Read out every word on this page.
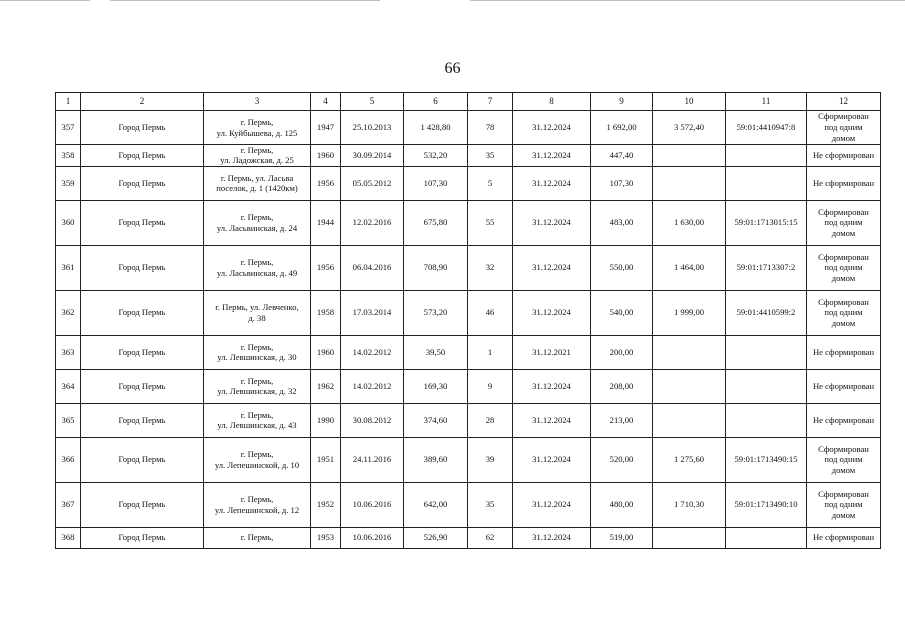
66
1	2	3	4	5	6	7	8	9	10	11	12
357	Город Пермь	г. Пермь,
ул. Куйбышева, д. 125	1947	25.10.2013	1 428,80	78	31.12.2024	1 692,00	3 572,40	59:01:4410947:8	Сформирован
под одним
домом
358	Город Пермь	г. Пермь,
ул. Ладожская, д. 25	1960	30.09.2014	532,20	35	31.12.2024	447,40			Не сформирован
359	Город Пермь	г. Пермь, ул. Ласьва
поселок, д. 1 (1420км)	1956	05.05.2012	107,30	5	31.12.2024	107,30			Не сформирован
360	Город Пермь	г. Пермь,
ул. Ласьвинская, д. 24	1944	12.02.2016	675,80	55	31.12.2024	483,00	1 630,00	59:01:1713015:15	Сформирован
под одним
домом
361	Город Пермь	г. Пермь,
ул. Ласьвинская, д. 49	1956	06.04.2016	708,90	32	31.12.2024	550,00	1 464,00	59:01:1713307:2	Сформирован
под одним
домом
362	Город Пермь	г. Пермь, ул. Левченко,
д. 38	1958	17.03.2014	573,20	46	31.12.2024	540,00	1 999,00	59:01:4410599:2	Сформирован
под одним
домом
363	Город Пермь	г. Пермь,
ул. Левшинская, д. 30	1960	14.02.2012	39,50	1	31.12.2021	200,00			Не сформирован
364	Город Пермь	г. Пермь,
ул. Левшинская, д. 32	1962	14.02.2012	169,30	9	31.12.2024	208,00			Не сформирован
365	Город Пермь	г. Пермь,
ул. Левшинская, д. 43	1990	30.08.2012	374,60	28	31.12.2024	213,00			Не сформирован
366	Город Пермь	г. Пермь,
ул. Лепешинской, д. 10	1951	24.11.2016	389,60	39	31.12.2024	520,00	1 275,60	59:01:1713490:15	Сформирован
под одним
домом
367	Город Пермь	г. Пермь,
ул. Лепешинской, д. 12	1952	10.06.2016	642,00	35	31.12.2024	480,00	1 710,30	59:01:1713490:10	Сформирован
под одним
домом
368	Город Пермь	г. Пермь,	1953	10.06.2016	526,90	62	31.12.2024	519,00			Не сформирован
